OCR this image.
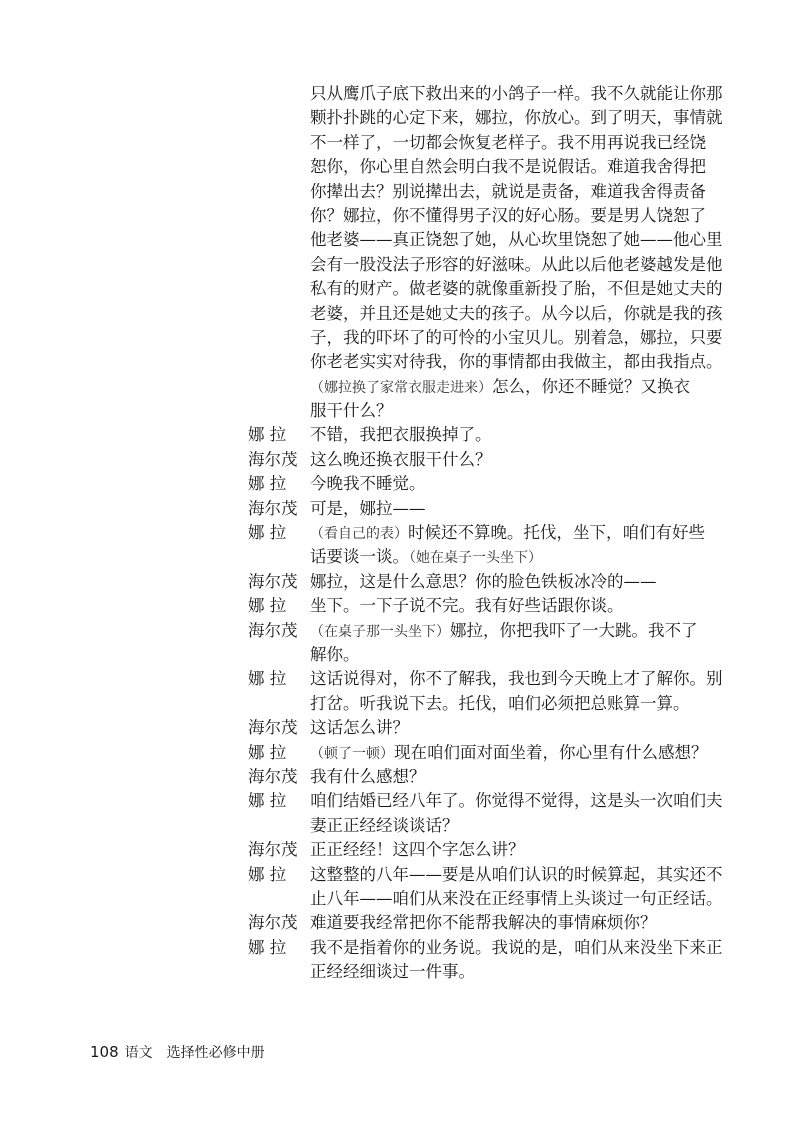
只从鹰爪子底下救出来的小鸽子一样。我不久就能让你那
颗扑扑跳的心定下来，娜拉，你放心。到了明天，事情就
不一样了，一切都会恢复老样子。我不用再说我已经饶
恕你，你心里自然会明白我不是说假话。难道我舍得把
你撵出去？别说撵出去，就说是责备，难道我舍得责备
你？娜拉，你不懂得男子汉的好心肠。要是男人饶恕了
他老婆——真正饶恕了她，从心坎里饶恕了她——他心里
会有一股没法子形容的好滋味。从此以后他老婆越发是他
私有的财产。做老婆的就像重新投了胎，不但是她丈夫的
老婆，并且还是她丈夫的孩子。从今以后，你就是我的孩
子，我的吓坏了的可怜的小宝贝儿。别着急，娜拉，只要
你老老实实对待我，你的事情都由我做主，都由我指点。
（娜拉换了家常衣服走进来）怎么，你还不睡觉？又换衣
服干什么？
娜 拉 不错，我把衣服换掉了。
海尔茂 这么晚还换衣服干什么？
娜 拉 今晚我不睡觉。
海尔茂 可是，娜拉——
娜 拉 （看自己的表）时候还不算晚。托伐，坐下，咱们有好些
话要谈一谈。（她在桌子一头坐下）
海尔茂 娜拉，这是什么意思？你的脸色铁板冰冷的——
娜 拉 坐下。一下子说不完。我有好些话跟你谈。
海尔茂 （在桌子那一头坐下）娜拉，你把我吓了一大跳。我不了
解你。
娜 拉 这话说得对，你不了解我，我也到今天晚上才了解你。别
打岔。听我说下去。托伐，咱们必须把总账算一算。
海尔茂 这话怎么讲？
娜 拉 （顿了一顿）现在咱们面对面坐着，你心里有什么感想？
海尔茂 我有什么感想？
娜 拉 咱们结婚已经八年了。你觉得不觉得，这是头一次咱们夫
妻正正经经谈谈话？
海尔茂 正正经经！这四个字怎么讲？
娜 拉 这整整的八年——要是从咱们认识的时候算起，其实还不
止八年——咱们从来没在正经事情上头谈过一句正经话。
海尔茂 难道要我经常把你不能帮我解决的事情麻烦你？
娜 拉 我不是指着你的业务说。我说的是，咱们从来没坐下来正
正经经细谈过一件事。
108 语文　选择性必修中册
